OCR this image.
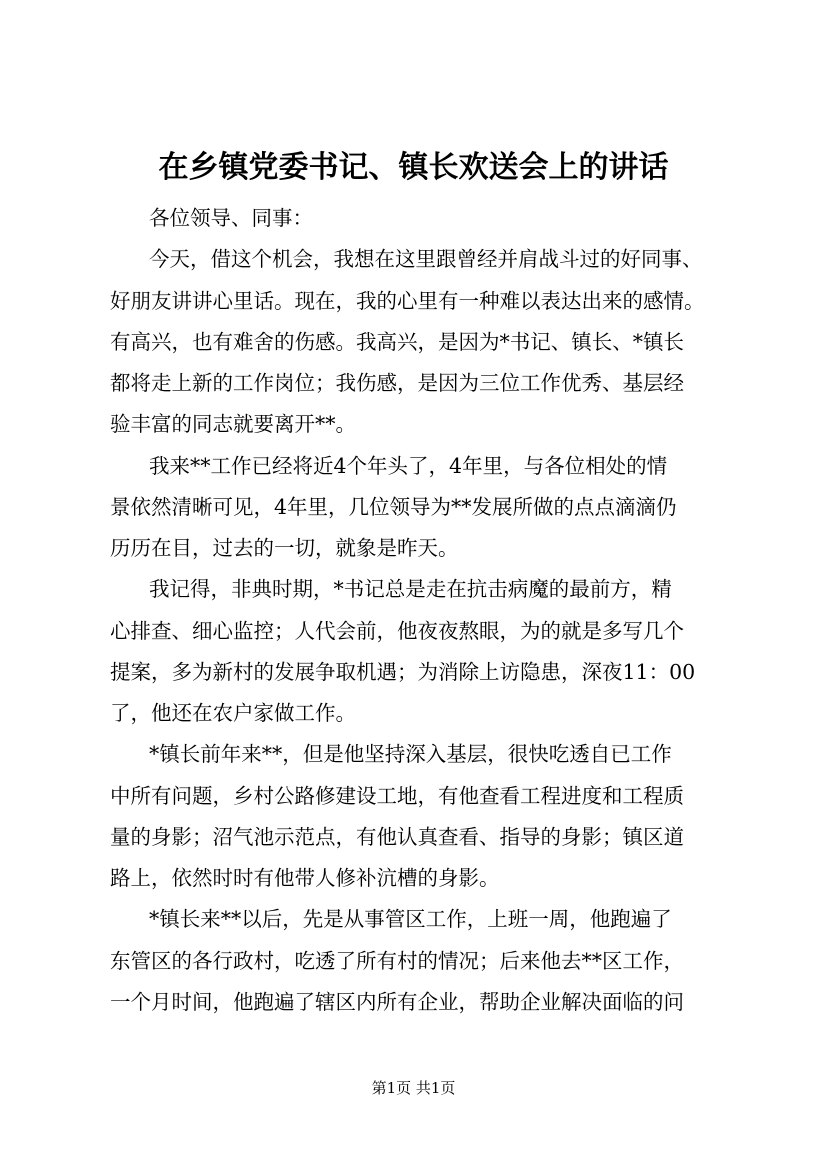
在乡镇党委书记、镇长欢送会上的讲话
各位领导、同事：
今天，借这个机会，我想在这里跟曾经并肩战斗过的好同事、
好朋友讲讲心里话。现在，我的心里有一种难以表达出来的感情。
有高兴，也有难舍的伤感。我高兴，是因为*书记、镇长、*镇长
都将走上新的工作岗位；我伤感，是因为三位工作优秀、基层经
验丰富的同志就要离开**。
我来**工作已经将近4个年头了，4年里，与各位相处的情
景依然清晰可见，4年里，几位领导为**发展所做的点点滴滴仍
历历在目，过去的一切，就象是昨天。
我记得，非典时期，*书记总是走在抗击病魔的最前方，精
心排查、细心监控；人代会前，他夜夜熬眼，为的就是多写几个
提案，多为新村的发展争取机遇；为消除上访隐患，深夜11：00
了，他还在农户家做工作。
*镇长前年来**，但是他坚持深入基层，很快吃透自已工作
中所有问题，乡村公路修建设工地，有他查看工程进度和工程质
量的身影；沼气池示范点，有他认真查看、指导的身影；镇区道
路上，依然时时有他带人修补沆槽的身影。
*镇长来**以后，先是从事管区工作，上班一周，他跑遍了
东管区的各行政村，吃透了所有村的情况；后来他去**区工作，
一个月时间，他跑遍了辖区内所有企业，帮助企业解决面临的问
第1页 共1页
